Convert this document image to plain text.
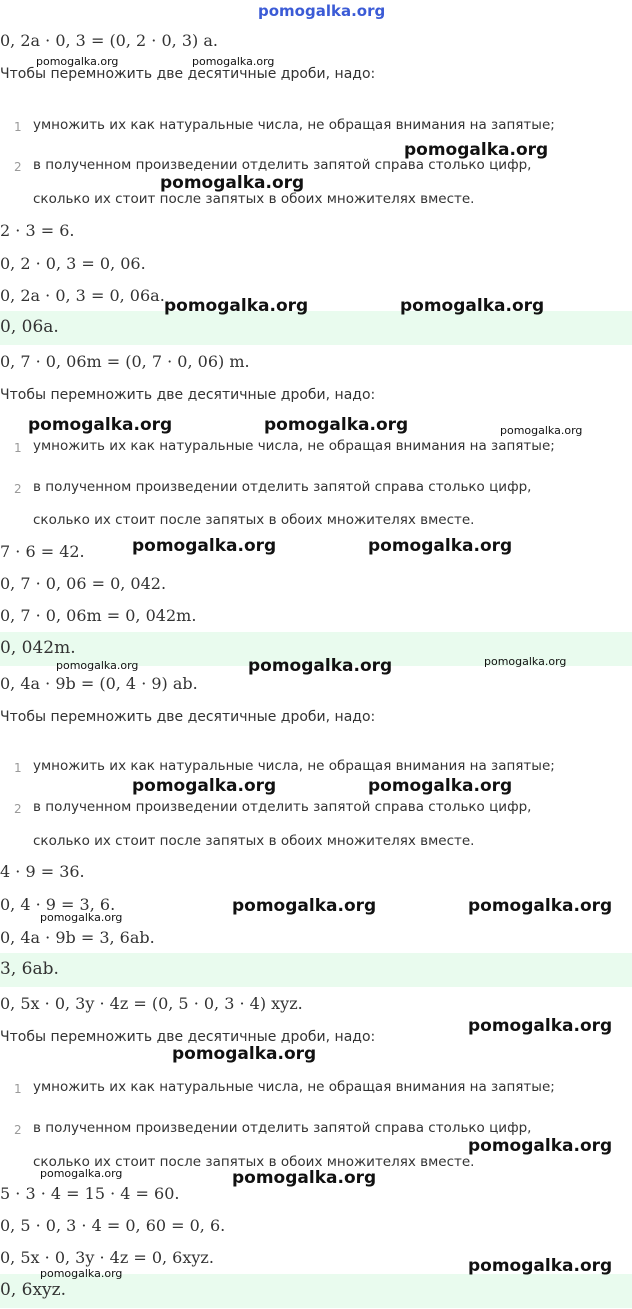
pomogalka.org
0, 2a · 0, 3 = (0, 2 · 0, 3) a.
Чтобы перемножить две десятичные дроби, надо:
1 умножить их как натуральные числа, не обращая внимания на запятые;
2 в полученном произведении отделить запятой справа столько цифр,
сколько их стоит после запятых в обоих множителях вместе.
2 · 3 = 6.
0, 2 · 0, 3 = 0, 06.
0, 2a · 0, 3 = 0, 06a.
0, 06a.
0, 7 · 0, 06m = (0, 7 · 0, 06) m.
Чтобы перемножить две десятичные дроби, надо:
1 умножить их как натуральные числа, не обращая внимания на запятые;
2 в полученном произведении отделить запятой справа столько цифр,
сколько их стоит после запятых в обоих множителях вместе.
7 · 6 = 42.
0, 7 · 0, 06 = 0, 042.
0, 7 · 0, 06m = 0, 042m.
0, 042m.
0, 4a · 9b = (0, 4 · 9) ab.
Чтобы перемножить две десятичные дроби, надо:
1 умножить их как натуральные числа, не обращая внимания на запятые;
2 в полученном произведении отделить запятой справа столько цифр,
сколько их стоит после запятых в обоих множителях вместе.
4 · 9 = 36.
0, 4 · 9 = 3, 6.
0, 4a · 9b = 3, 6ab.
3, 6ab.
0, 5x · 0, 3y · 4z = (0, 5 · 0, 3 · 4) xyz.
Чтобы перемножить две десятичные дроби, надо:
1 умножить их как натуральные числа, не обращая внимания на запятые;
2 в полученном произведении отделить запятой справа столько цифр,
сколько их стоит после запятых в обоих множителях вместе.
5 · 3 · 4 = 15 · 4 = 60.
0, 5 · 0, 3 · 4 = 0, 60 = 0, 6.
0, 5x · 0, 3y · 4z = 0, 6xyz.
0, 6xyz.
pomogalka.org	pomogalka.org
pomogalka.org
pomogalka.org
pomogalka.org	pomogalka.org
pomogalka.org	pomogalka.org	pomogalka.org
pomogalka.org	pomogalka.org
pomogalka.org	pomogalka.org	pomogalka.org
pomogalka.org	pomogalka.org
pomogalka.org	pomogalka.org
pomogalka.org
pomogalka.org
pomogalka.org
pomogalka.org
pomogalka.org	pomogalka.org
pomogalka.org	pomogalka.org
